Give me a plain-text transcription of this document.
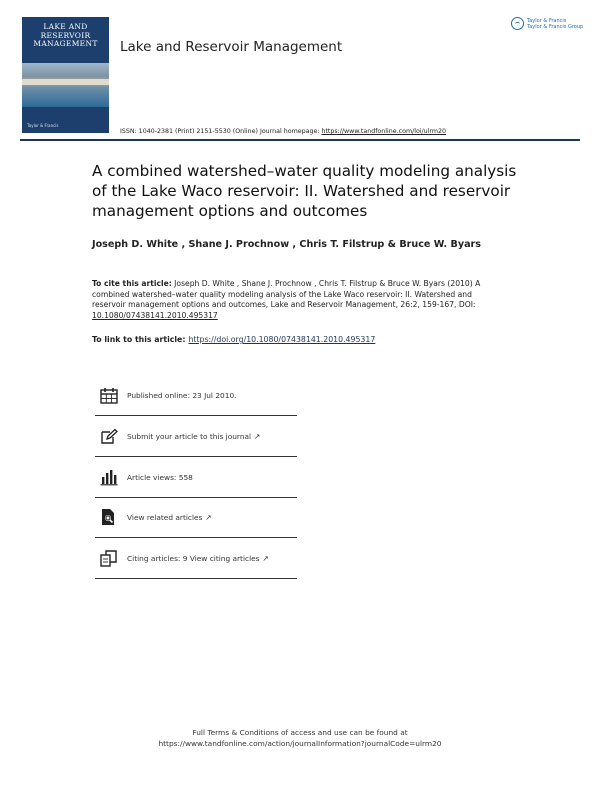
LAKE AND RESERVOIR
MANAGEMENT
Taylor & Francis
Lake and Reservoir Management
Taylor & Francis
Taylor & Francis Group
ISSN: 1040-2381 (Print) 2151-5530 (Online) Journal homepage: https://www.tandfonline.com/loi/ulrm20
A combined watershed–water quality modeling analysis of the Lake Waco reservoir: II. Watershed and reservoir management options and outcomes
Joseph D. White , Shane J. Prochnow , Chris T. Filstrup & Bruce W. Byars
To cite this article: Joseph D. White , Shane J. Prochnow , Chris T. Filstrup & Bruce W. Byars (2010) A combined watershed–water quality modeling analysis of the Lake Waco reservoir: II. Watershed and reservoir management options and outcomes, Lake and Reservoir Management, 26:2, 159-167, DOI: 10.1080/07438141.2010.495317
To link to this article: https://doi.org/10.1080/07438141.2010.495317
Published online: 23 Jul 2010.
Submit your article to this journal ↗
Article views: 558
View related articles ↗
Citing articles: 9 View citing articles ↗
Full Terms & Conditions of access and use can be found at
https://www.tandfonline.com/action/journalInformation?journalCode=ulrm20
